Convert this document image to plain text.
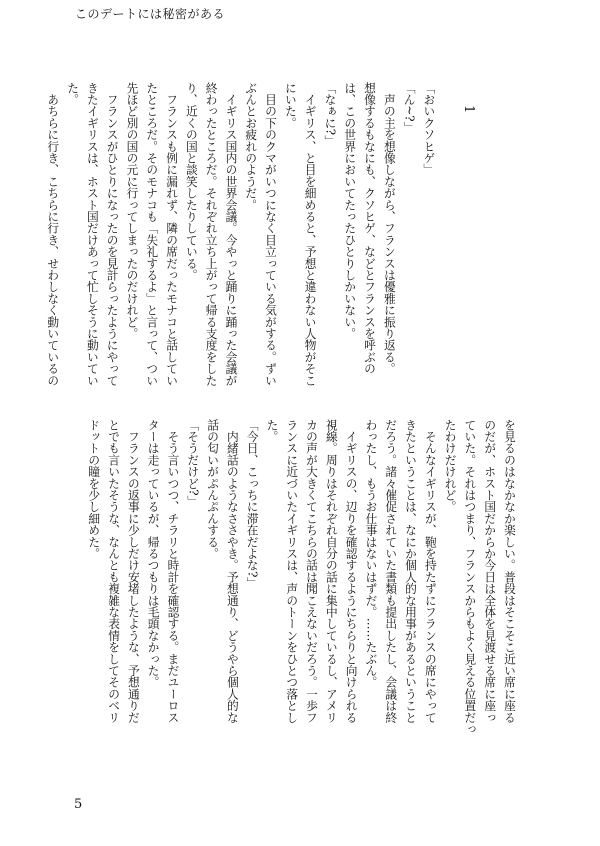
このデートには秘密がある
1
「おいクソヒゲ」
「ん~?」
　声の主を想像しながら、フランスは優雅に振り返る。
想像するもなにも、クソヒゲ、などとフランスを呼ぶの
は、この世界においてたったひとりしかいない。
「なぁに?」
　イギリス、と目を細めると、予想と違わない人物がそこ
にいた。
　目の下のクマがいつになく目立っている気がする。ずい
ぶんとお疲れのようだ。
　イギリス国内の世界会議。今やっと踊りに踊った会議が
終わったところだ。それぞれ立ち上がって帰る支度をした
り、近くの国と談笑したりしている。
　フランスも例に漏れず、隣の席だったモナコと話してい
たところだ。そのモナコも「失礼するよ」と言って、つい
先ほど別の国の元に行ってしまったのだけれど。
　フランスがひとりになったのを見計らったようにやって
きたイギリスは、ホスト国だけあって忙しそうに動いてい
た。
　あちらに行き、こちらに行き、せわしなく動いているの
を見るのはなかなか楽しい。普段はそこそこ近い席に座る
のだが、ホスト国だからか今日は全体を見渡せる席に座っ
ていた。それはつまり、フランスからもよく見える位置だっ
たわけだけれど。
　そんなイギリスが、鞄を持たずにフランスの席にやって
きたということは、なにか個人的な用事があるということ
だろう。諸々催促されていた書類も提出したし、会議は終
わったし、もうお仕事はないはずだ。……たぶん。
　イギリスの、辺りを確認するようにちらりと向けられる
視線。周りはそれぞれ自分の話に集中しているし、アメリ
カの声が大きくてこちらの話は聞こえないだろう。一歩フ
ランスに近づいたイギリスは、声のトーンをひとつ落とし
た。
「今日、こっちに滞在だよな?」
　内緒話のようなささやき。予想通り、どうやら個人的な
話の匂いがぷんぷんする。
「そうだけど?」
　そう言いつつ、チラリと時計を確認する。まだユーロス
ターは走っているが、帰るつもりは毛頭なかった。
　フランスの返事に少しだけ安堵したような、予想通りだ
とでも言いたそうな、なんとも複雑な表情をしてそのベリ
ドットの瞳を少し細めた。
5
